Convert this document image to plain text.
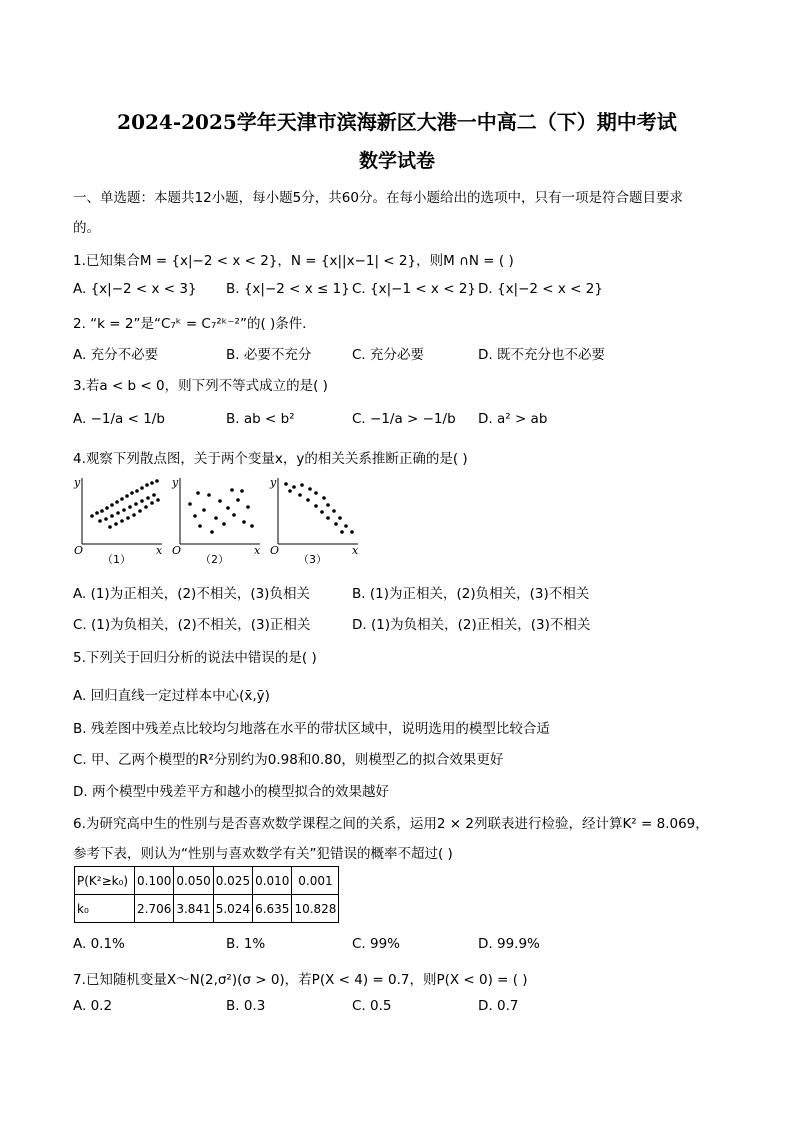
2024-2025学年天津市滨海新区大港一中高二（下）期中考试
数学试卷
一、单选题：本题共12小题，每小题5分，共60分。在每小题给出的选项中，只有一项是符合题目要求
的。
1.已知集合M = {x|−2 < x < 2}，N = {x||x−1| < 2}，则M ∩N = ( )
A. {x|−2 < x < 3} B. {x|−2 < x ≤ 1} C. {x|−1 < x < 2} D. {x|−2 < x < 2}
2. “k = 2”是“C₇ᵏ = C₇²ᵏ⁻²”的( )条件．
A. 充分不必要	B. 必要不充分	C. 充分必要	D. 既不充分也不必要
3.若a < b < 0，则下列不等式成立的是( )
A. −1/a < 1/b	B. ab < b²	C. −1/a > −1/b D. a² > ab
4.观察下列散点图，关于两个变量x，y的相关关系推断正确的是( )
y
x
O
（1）
y
x
O
（2）
y
x
O
（3）
A. (1)为正相关，(2)不相关，(3)负相关	B. (1)为正相关，(2)负相关，(3)不相关
C. (1)为负相关，(2)不相关，(3)正相关	D. (1)为负相关，(2)正相关，(3)不相关
5.下列关于回归分析的说法中错误的是( )
A. 回归直线一定过样本中心(x̄,ȳ)
B. 残差图中残差点比较均匀地落在水平的带状区域中，说明选用的模型比较合适
C. 甲、乙两个模型的R²分别约为0.98和0.80，则模型乙的拟合效果更好
D. 两个模型中残差平方和越小的模型拟合的效果越好
6.为研究高中生的性别与是否喜欢数学课程之间的关系，运用2 × 2列联表进行检验，经计算K² = 8.069，
参考下表，则认为“性别与喜欢数学有关”犯错误的概率不超过( )
P(K²≥k₀)	0.100	0.050	0.025	0.010	0.001
k₀	2.706	3.841	5.024	6.635	10.828
A. 0.1%	B. 1%	C. 99%	D. 99.9%
7.已知随机变量X～N(2,σ²)(σ > 0)，若P(X < 4) = 0.7，则P(X < 0) = ( )
A. 0.2	B. 0.3	C. 0.5	D. 0.7
